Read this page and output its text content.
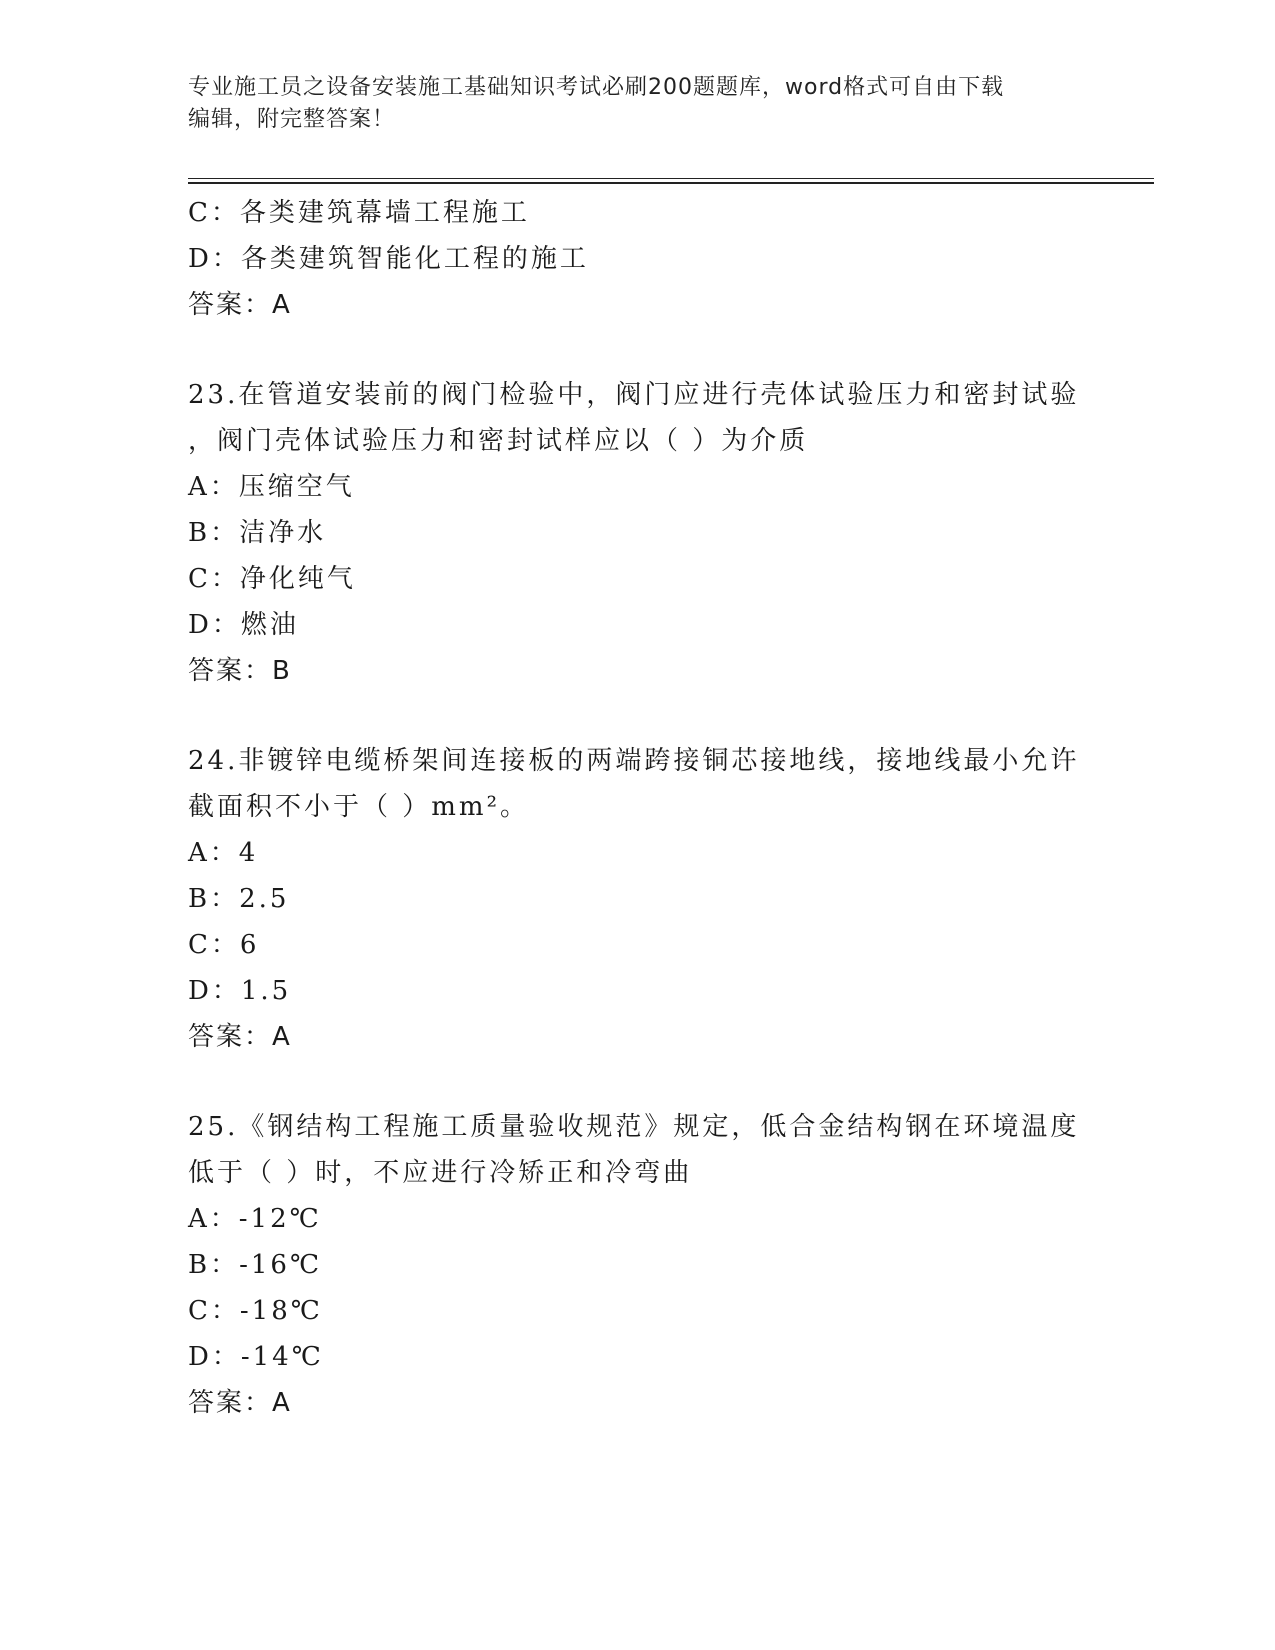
专业施工员之设备安装施工基础知识考试必刷200题题库，word格式可自由下载
编辑，附完整答案！
C：各类建筑幕墙工程施工
D：各类建筑智能化工程的施工
答案：A
23.在管道安装前的阀门检验中，阀门应进行壳体试验压力和密封试验
，阀门壳体试验压力和密封试样应以（ ）为介质
A：压缩空气
B：洁净水
C：净化纯气
D：燃油
答案：B
24.非镀锌电缆桥架间连接板的两端跨接铜芯接地线，接地线最小允许
截面积不小于（ ）mm²。
A：4
B：2.5
C：6
D：1.5
答案：A
25.《钢结构工程施工质量验收规范》规定，低合金结构钢在环境温度
低于（ ）时，不应进行冷矫正和冷弯曲
A：-12℃
B：-16℃
C：-18℃
D：-14℃
答案：A
